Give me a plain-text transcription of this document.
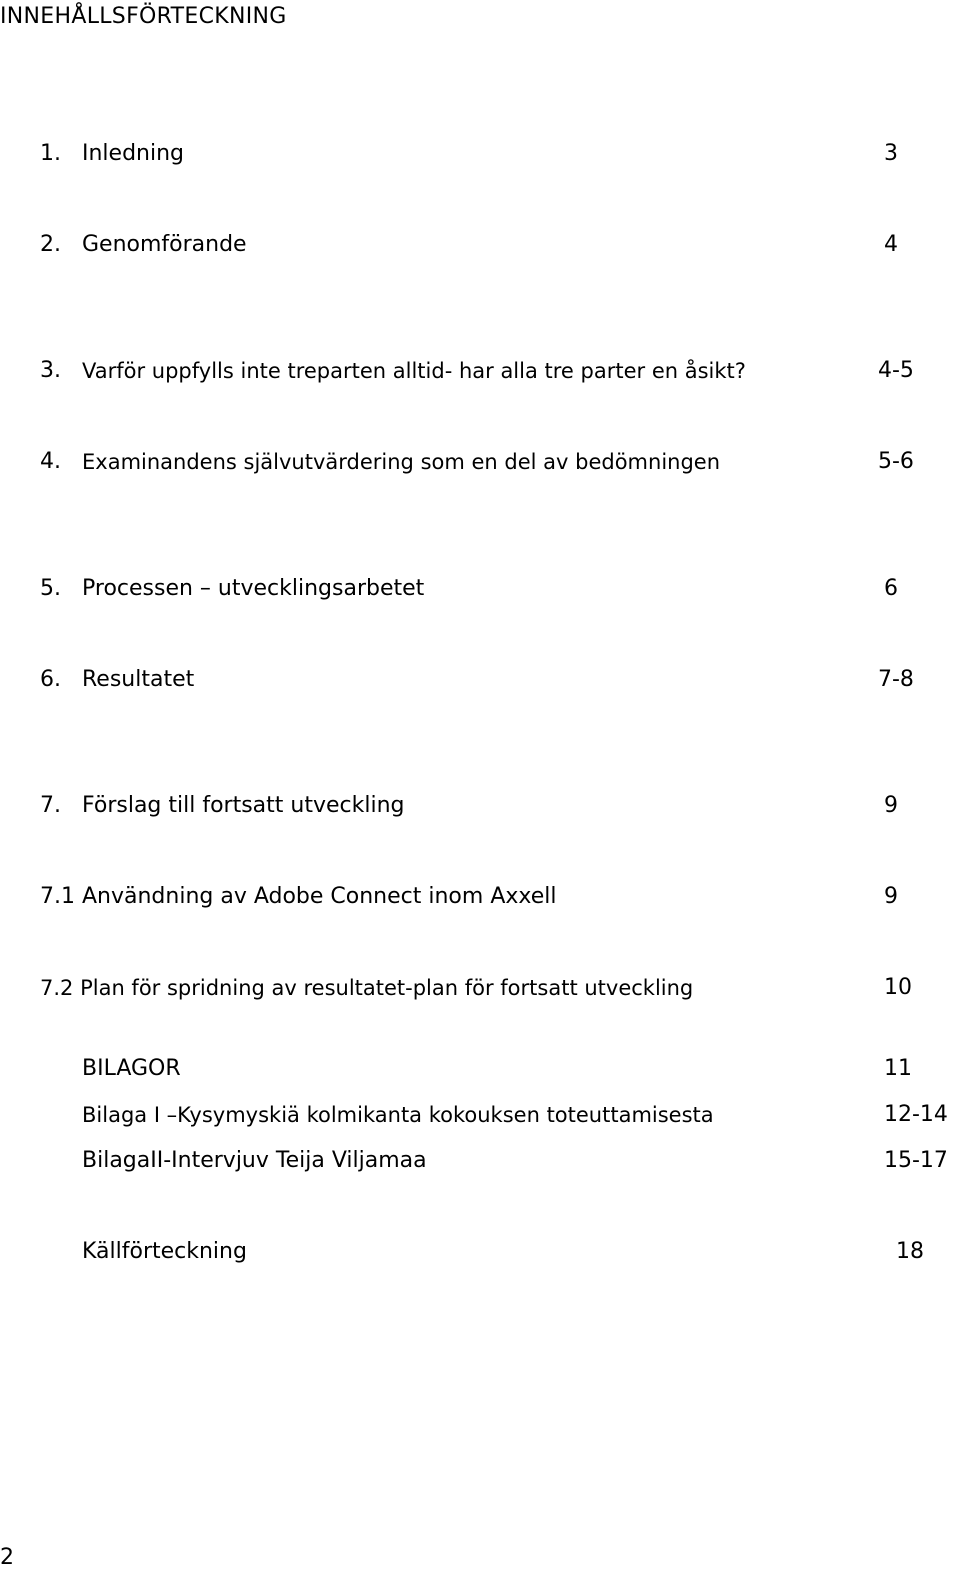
INNEHÅLLSFÖRTECKNING
1. Inledning	3
2. Genomförande	4
3. Varför uppfylls inte treparten alltid- har alla tre parter en åsikt?	4-5
4. Examinandens självutvärdering som en del av bedömningen	5-6
5. Processen – utvecklingsarbetet	6
6. Resultatet	7-8
7. Förslag till fortsatt utveckling	9
7.1 Användning av Adobe Connect inom Axxell	9
7.2 Plan för spridning av resultatet-plan för fortsatt utveckling	10
BILAGOR	11
Bilaga I –Kysymyskiä kolmikanta kokouksen toteuttamisesta	12-14
BilagaII-Intervjuv Teija Viljamaa	15-17
Källförteckning	18
2
